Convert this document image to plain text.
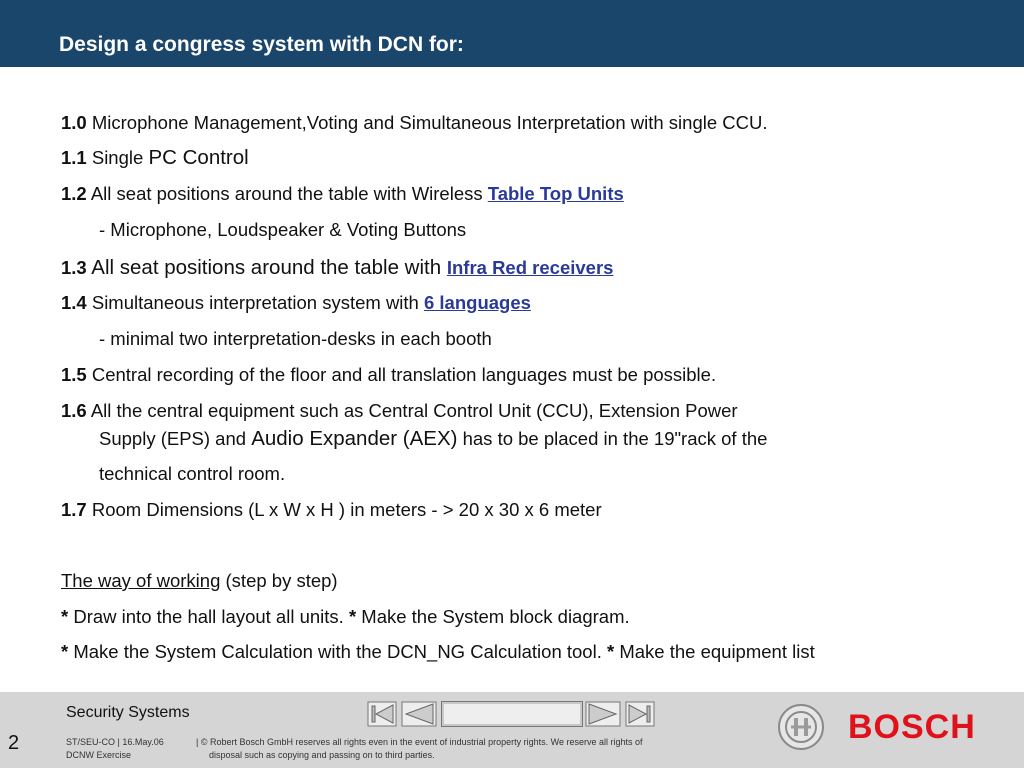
Design a congress system with DCN for:
1.0 Microphone Management,Voting and Simultaneous Interpretation with single CCU.
1.1 Single PC Control
1.2 All seat positions around the table with Wireless Table Top Units
- Microphone, Loudspeaker & Voting Buttons
1.3 All seat positions around the table with Infra Red receivers
1.4 Simultaneous interpretation system with 6 languages
- minimal two interpretation-desks in each booth
1.5 Central recording of the floor and all translation languages must be possible.
1.6 All the central equipment such as Central Control Unit (CCU), Extension Power
Supply (EPS) and Audio Expander (AEX) has to be placed in the 19"rack of the
technical control room.
1.7 Room Dimensions (L x W x H ) in meters - > 20 x 30 x 6 meter
The way of working (step by step)
* Draw into the hall layout all units. * Make the System block diagram.
* Make the System Calculation with the DCN_NG Calculation tool. * Make the equipment list
Security Systems
2	ST/SEU-CO | 16.May.06
DCNW Exercise
| © Robert Bosch GmbH reserves all rights even in the event of industrial property rights. We reserve all rights of
disposal such as copying and passing on to third parties.
BOSCH
